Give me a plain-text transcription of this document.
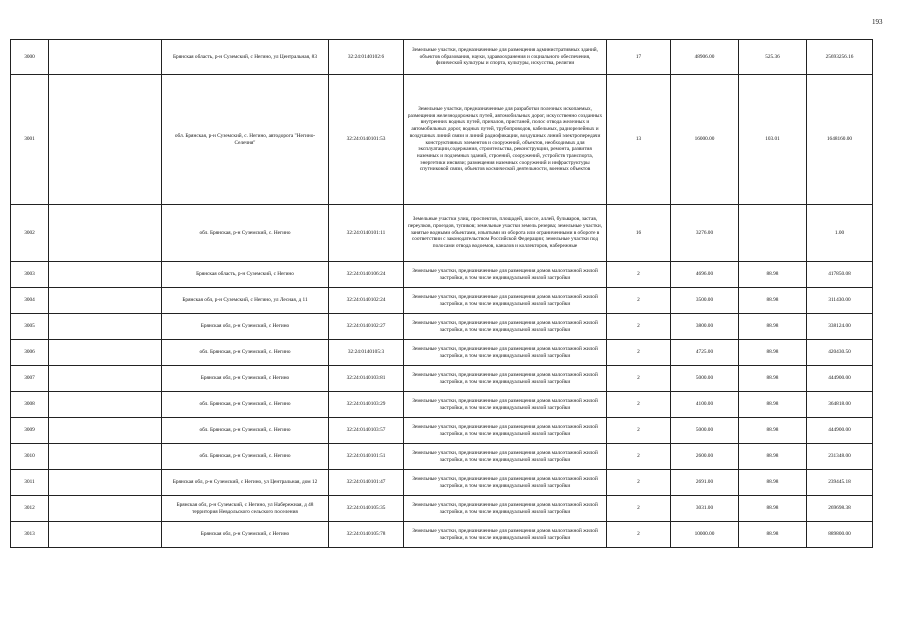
193
3000		Брянская область, р-н Суземский, с Негино, ул Центральная, 83	32:24:0140102:6	Земельные участки, предназначенные для размещения административных зданий, объектов образования, науки, здравоохранения и социального обеспечения, физической культуры и спорта, культуры, искусства, религии	17	48906.00	525.36	25693256.16
3001		обл. Брянская, р-н Суземский, с. Негино, автодорога "Негино-Селечня"	32:24:0140101:53	Земельные участки, предназначенные для разработки полезных ископаемых, размещения железнодорожных путей, автомобильных дорог, искусственно созданных внутренних водных путей, причалов, пристаней, полос отвода железных и автомобильных дорог, водных путей, трубопроводов, кабельных, радиорелейных и воздушных линий связи и линий радиофикации, воздушных линий электропередачи конструктивных элементов и сооружений, объектов, необходимых для эксплуатации,содержания, строительства, реконструкции, ремонта, развития наземных и подземных зданий, строений, сооружений, устройств транспорта, энергетики инсвязи; размещения наземных сооружений и инфраструктуры спутниковой связи, объектов космической деятельности, военных объектов	13	16000.00	103.01	1648160.00
3002		обл. Брянская, р-н Суземский, с. Негино	32:24:0140101:11	Земельные участки улиц, проспектов, площадей, шоссе, аллей, бульваров, застав, переулков, проездов, тупиков; земельные участки земель резерва; земельные участки, занятые водными объектами, изъятыми из оборота или ограниченными в обороте в соответствии с законодательством Российской Федерации; земельные участки под полосами отвода водоемов, каналов и коллекторов, набережные	16	3276.00		1.00
3003		Брянская область, р-н Суземский, с Негино	32:24:0140106:24	Земельные участки, предназначенные для размещения домов малоэтажной жилой застройки, в том числе индивидуальной жилой застройки	2	4696.00	88.98	417850.08
3004		Брянская обл, р-н Суземский, с Негино, ул Лесная, д 11	32:24:0140102:24	Земельные участки, предназначенные для размещения домов малоэтажной жилой застройки, в том числе индивидуальной жилой застройки	2	3500.00	88.98	311430.00
3005		Брянская обл, р-н Суземский, с Негино	32:24:0140102:27	Земельные участки, предназначенные для размещения домов малоэтажной жилой застройки, в том числе индивидуальной жилой застройки	2	3800.00	88.98	338124.00
3006		обл. Брянская, р-н Суземский, с. Негино	32:24:0140105:3	Земельные участки, предназначенные для размещения домов малоэтажной жилой застройки, в том числе индивидуальной жилой застройки	2	4725.00	88.98	420430.50
3007		Брянская обл, р-н Суземский, с Негино	32:24:0140103:81	Земельные участки, предназначенные для размещения домов малоэтажной жилой застройки, в том числе индивидуальной жилой застройки	2	5000.00	88.98	444900.00
3008		обл. Брянская, р-н Суземский, с. Негино	32:24:0140103:29	Земельные участки, предназначенные для размещения домов малоэтажной жилой застройки, в том числе индивидуальной жилой застройки	2	4100.00	88.98	364818.00
3009		обл. Брянская, р-н Суземский, с. Негино	32:24:0140103:57	Земельные участки, предназначенные для размещения домов малоэтажной жилой застройки, в том числе индивидуальной жилой застройки	2	5000.00	88.98	444900.00
3010		обл. Брянская, р-н Суземский, с. Негино	32:24:0140101:51	Земельные участки, предназначенные для размещения домов малоэтажной жилой застройки, в том числе индивидуальной жилой застройки	2	2600.00	88.98	231348.00
3011		Брянская обл, р-н Суземский, с Негино, ул Центральная, дом 12	32:24:0140101:47	Земельные участки, предназначенные для размещения домов малоэтажной жилой застройки, в том числе индивидуальной жилой застройки	2	2691.00	88.98	239445.18
3012		Брянская обл, р-н Суземский, с Негино, ул Набережная, д 48 территория Невдольского сельского поселения	32:24:0140105:35	Земельные участки, предназначенные для размещения домов малоэтажной жилой застройки, в том числе индивидуальной жилой застройки	2	3031.00	88.98	269698.38
3013		Брянская обл, р-н Суземский, с Негино	32:24:0140105:78	Земельные участки, предназначенные для размещения домов малоэтажной жилой застройки, в том числе индивидуальной жилой застройки	2	10000.00	88.98	889800.00
